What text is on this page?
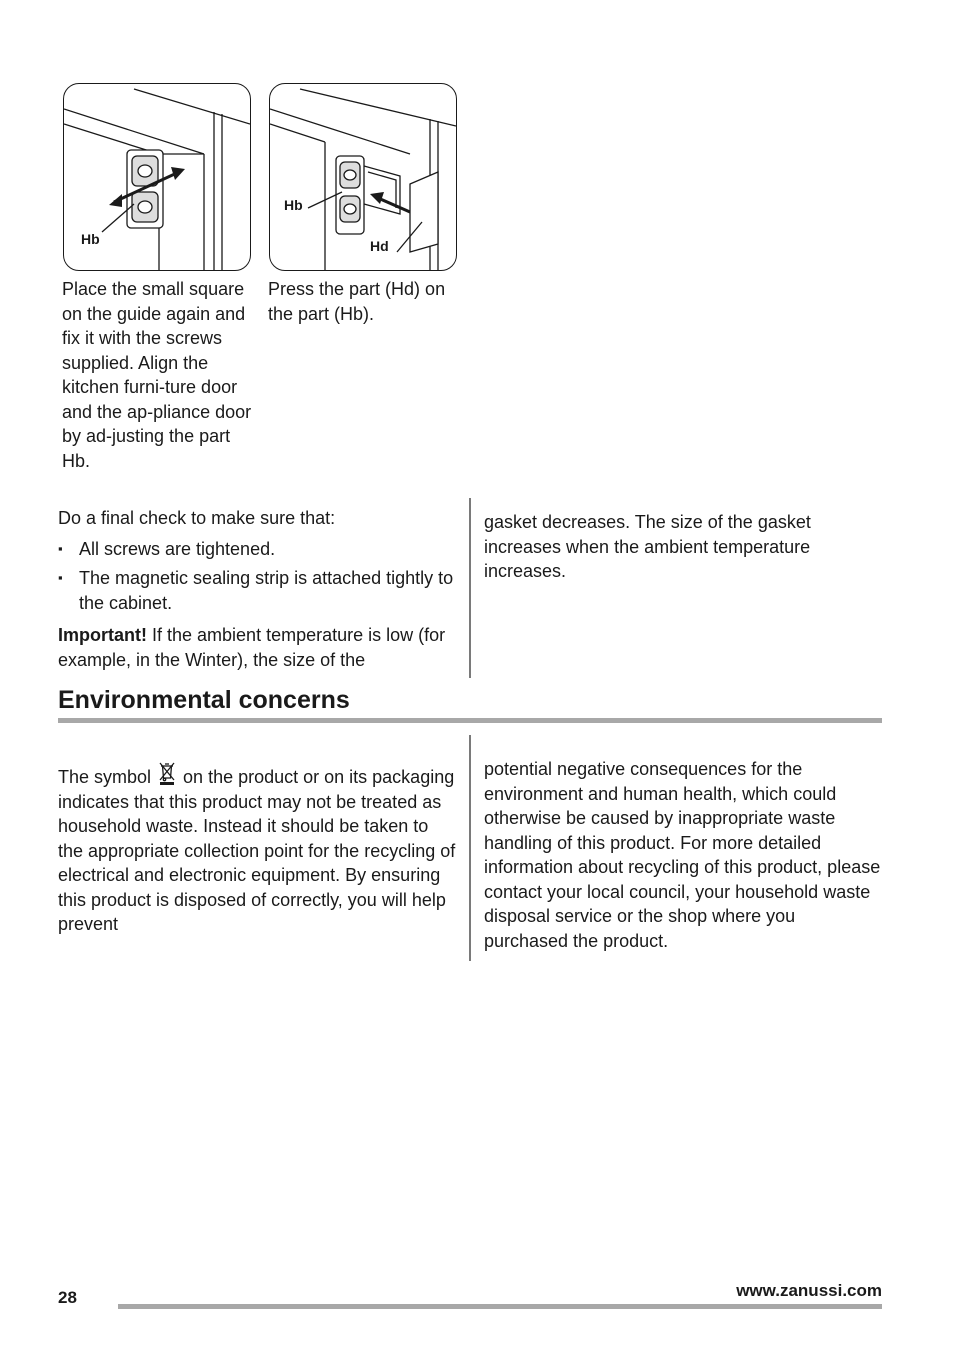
Hb
Hb
Hd

Place the small square on the guide again and fix it with the screws supplied. Align the kitchen furni-ture door and the ap-pliance door by ad-justing the part Hb.

Press the part (Hd) on the part (Hb).

Do a final check to make sure that:

▪ All screws are tightened.
▪ The magnetic sealing strip is attached tightly to the cabinet.

Important! If the ambient temperature is low (for example, in the Winter), the size of the

gasket decreases. The size of the gasket increases when the ambient temperature increases.

Environmental concerns

The symbol  on the product or on its packaging indicates that this product may not be treated as household waste. Instead it should be taken to the appropriate collection point for the recycling of electrical and electronic equipment. By ensuring this product is disposed of correctly, you will help prevent

potential negative consequences for the environment and human health, which could otherwise be caused by inappropriate waste handling of this product. For more detailed information about recycling of this product, please contact your local council, your household waste disposal service or the shop where you purchased the product.

28	www.zanussi.com
